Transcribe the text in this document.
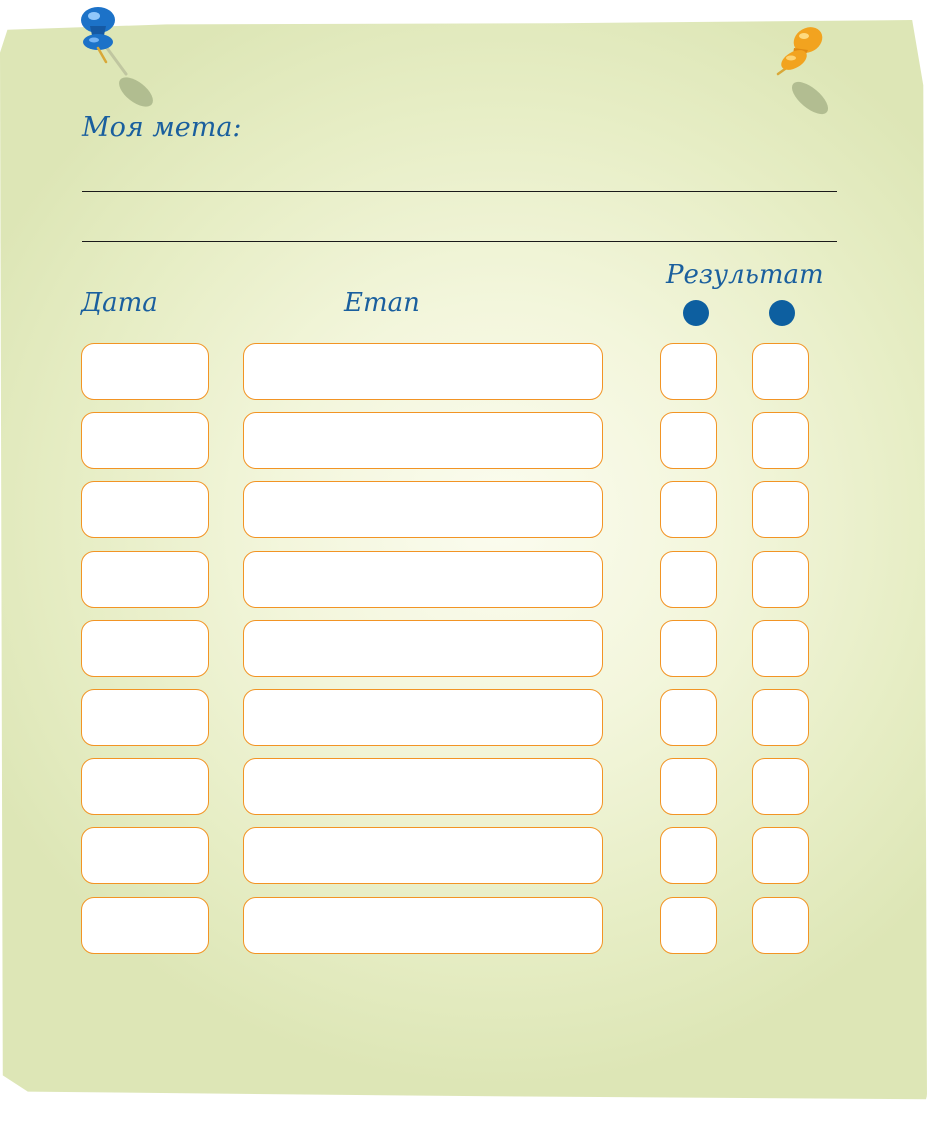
Моя мета:
Дата	Етап
Результат
